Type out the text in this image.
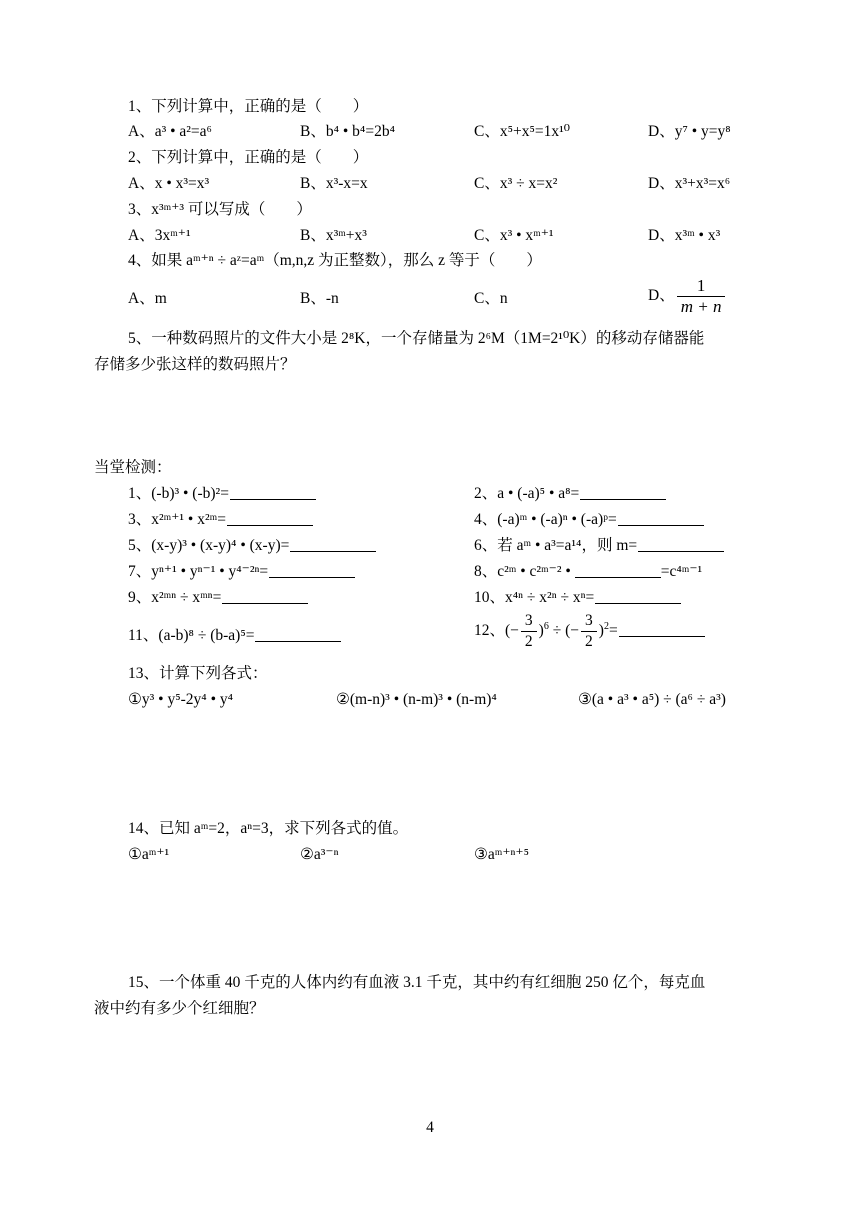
1、下列计算中，正确的是（　　）
A、a³ • a²=a⁶	B、b⁴ • b⁴=2b⁴	C、x⁵+x⁵=1x¹⁰	D、y⁷ • y=y⁸
2、下列计算中，正确的是（　　）
A、x • x³=x³	B、x³-x=x	C、x³ ÷ x=x²	D、x³+x³=x⁶
3、x³ᵐ⁺³ 可以写成（　　）
A、3xᵐ⁺¹	B、x³ᵐ+x³	C、x³ • xᵐ⁺¹	D、x³ᵐ • x³
4、如果 aᵐ⁺ⁿ ÷ aᶻ=aᵐ（m,n,z 为正整数），那么 z 等于（　　）
A、m	B、-n	C、n	D、 $\frac{1}{m + n}$
5、一种数码照片的文件大小是 2⁸K，一个存储量为 2⁶M（1M=2¹⁰K）的移动存储器能
存储多少张这样的数码照片？
当堂检测：
1、(-b)³ • (-b)²=	2、a • (-a)⁵ • a⁸=
3、x²ᵐ⁺¹ • x²ᵐ=	4、(-a)ᵐ • (-a)ⁿ • (-a)ᵖ=
5、(x-y)³ • (x-y)⁴ • (x-y)=	6、若 aᵐ • a³=a¹⁴，则 m=
7、yⁿ⁺¹ • yⁿ⁻¹ • y⁴⁻²ⁿ=	8、c²ᵐ • c²ᵐ⁻² •	=c⁴ᵐ⁻¹
9、x²ᵐⁿ ÷ xᵐⁿ=	10、x⁴ⁿ ÷ x²ⁿ ÷ xⁿ=
11、(a-b)⁸ ÷ (b-a)⁵=	12、(− $\frac{3}{2} )^6$ ÷ (− $\frac{3}{2} )^2=$
13、计算下列各式：
①y³ • y⁵-2y⁴ • y⁴	②(m-n)³ • (n-m)³ • (n-m)⁴	③(a • a³ • a⁵) ÷ (a⁶ ÷ a³)
14、已知 aᵐ=2，aⁿ=3，求下列各式的值。
①aᵐ⁺¹	②a³⁻ⁿ	③aᵐ⁺ⁿ⁺⁵
15、一个体重 40 千克的人体内约有血液 3.1 千克，其中约有红细胞 250 亿个，每克血
液中约有多少个红细胞？
4
